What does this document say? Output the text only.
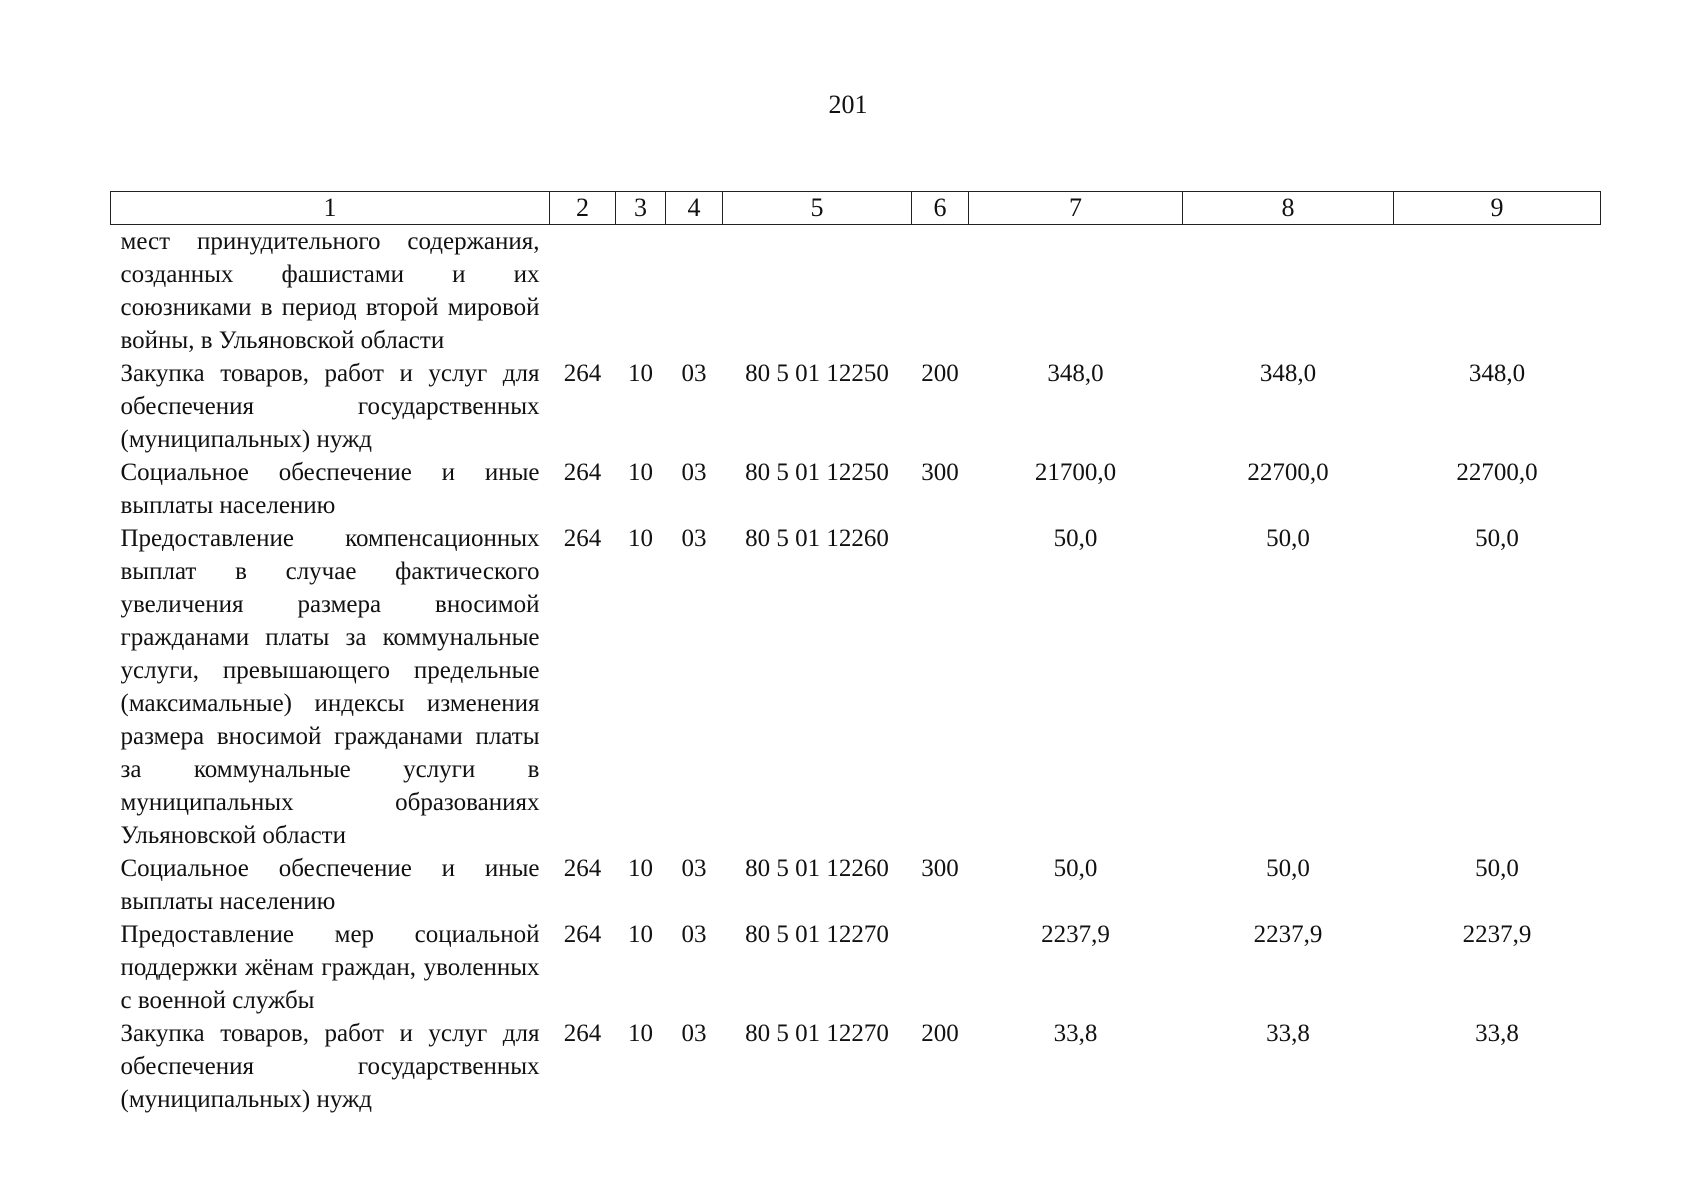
201
1	2	3	4	5	6	7	8	9
мест принудительного содержания, созданных фашистами и их союзниками в период второй мировой войны, в Ульяновской области								
Закупка товаров, работ и услуг для обеспечения государственных (муниципальных) нужд	264	10	03	80 5 01 12250	200	348,0	348,0	348,0
Социальное обеспечение и иные выплаты населению	264	10	03	80 5 01 12250	300	21700,0	22700,0	22700,0
Предоставление компенсационных выплат в случае фактического увеличения размера вносимой гражданами платы за коммунальные услуги, превышающего предельные (максимальные) индексы изменения размера вносимой гражданами платы за коммунальные услуги в муниципальных образованиях Ульяновской области	264	10	03	80 5 01 12260		50,0	50,0	50,0
Социальное обеспечение и иные выплаты населению	264	10	03	80 5 01 12260	300	50,0	50,0	50,0
Предоставление мер социальной поддержки жёнам граждан, уволенных с военной службы	264	10	03	80 5 01 12270		2237,9	2237,9	2237,9
Закупка товаров, работ и услуг для обеспечения государственных (муниципальных) нужд	264	10	03	80 5 01 12270	200	33,8	33,8	33,8
